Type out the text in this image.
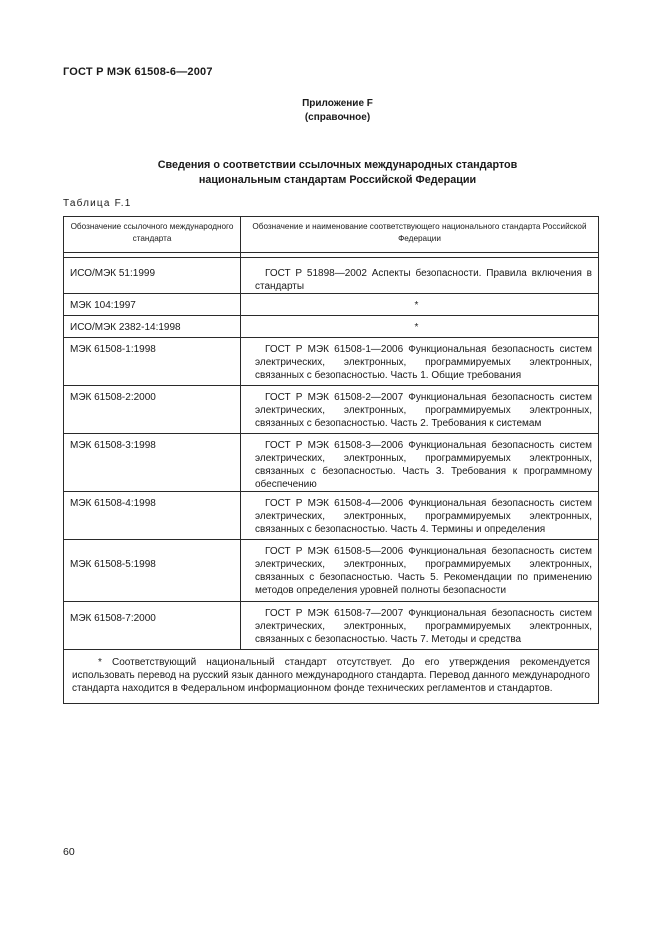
ГОСТ Р МЭК 61508-6—2007
Приложение F
(справочное)
Сведения о соответствии ссылочных международных стандартов
национальным стандартам Российской Федерации
Таблица F.1
Обозначение ссылочного международного стандарта	Обозначение и наименование соответствующего национального стандарта Российской Федерации

ИСО/МЭК 51:1999	ГОСТ Р 51898—2002 Аспекты безопасности. Правила включения в стандарты

МЭК 104:1997	*
ИСО/МЭК 2382-14:1998	*
МЭК 61508-1:1998	ГОСТ Р МЭК 61508-1—2006 Функциональная безопасность систем электрических, электронных, программируемых электронных, связанных с безопасностью. Часть 1. Общие требования

МЭК 61508-2:2000	ГОСТ Р МЭК 61508-2—2007 Функциональная безопасность систем электрических, электронных, программируемых электронных, связанных с безопасностью. Часть 2. Требования к системам

МЭК 61508-3:1998	ГОСТ Р МЭК 61508-3—2006 Функциональная безопасность систем электрических, электронных, программируемых электронных, связанных с безопасностью. Часть 3. Требования к программному обеспечению

МЭК 61508-4:1998	ГОСТ Р МЭК 61508-4—2006 Функциональная безопасность систем электрических, электронных, программируемых электронных, связанных с безопасностью. Часть 4. Термины и определения

МЭК 61508-5:1998	ГОСТ Р МЭК 61508-5—2006 Функциональная безопасность систем электрических, электронных, программируемых электронных, связанных с безопасностью. Часть 5. Рекомендации по применению методов определения уровней полноты безопасности

МЭК 61508-7:2000	ГОСТ Р МЭК 61508-7—2007 Функциональная безопасность систем электрических, электронных, программируемых электронных, связанных с безопасностью. Часть 7. Методы и средства

* Соответствующий национальный стандарт отсутствует. До его утверждения рекомендуется использовать перевод на русский язык данного международного стандарта. Перевод данного международного стандарта находится в Федеральном информационном фонде технических регламентов и стандартов.	

60
